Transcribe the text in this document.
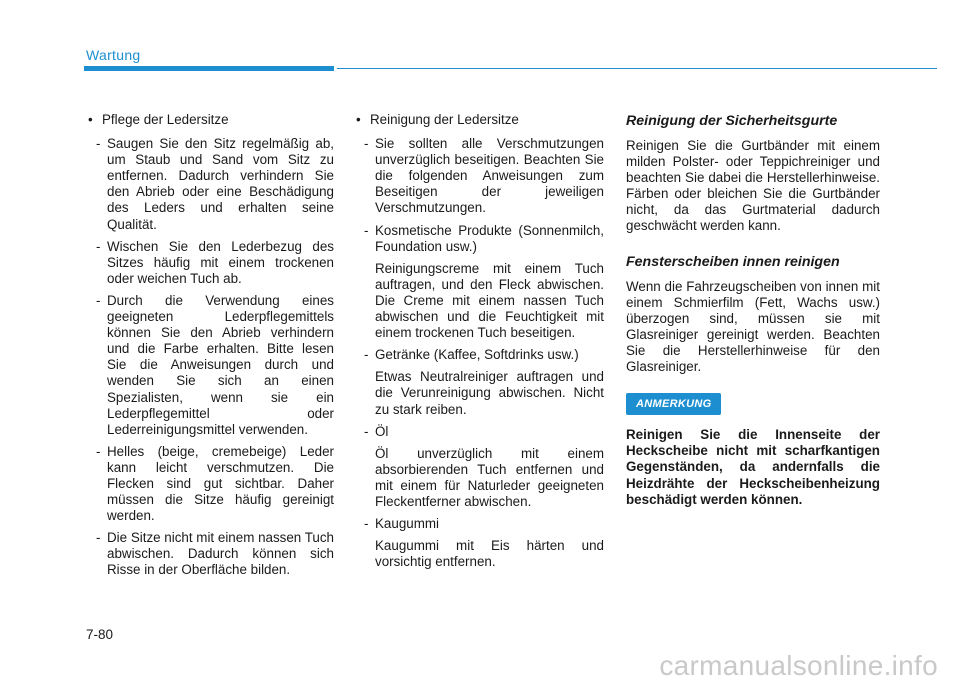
Wartung
• Pflege der Ledersitze
- Saugen Sie den Sitz regelmäßig ab, um Staub und Sand vom Sitz zu entfernen. Dadurch verhindern Sie den Abrieb oder eine Beschädigung des Leders und erhalten seine Qualität.
- Wischen Sie den Lederbezug des Sitzes häufig mit einem trockenen oder weichen Tuch ab.
- Durch die Verwendung eines geeigneten Lederpflegemittels können Sie den Abrieb verhindern und die Farbe erhalten. Bitte lesen Sie die Anweisungen durch und wenden Sie sich an einen Spezialisten, wenn sie ein Lederpflegemittel oder Lederreinigungsmittel verwenden.
- Helles (beige, cremebeige) Leder kann leicht verschmutzen. Die Flecken sind gut sichtbar. Daher müssen die Sitze häufig gereinigt werden.
- Die Sitze nicht mit einem nassen Tuch abwischen. Dadurch können sich Risse in der Oberfläche bilden.
• Reinigung der Ledersitze
- Sie sollten alle Verschmutzungen unverzüglich beseitigen. Beachten Sie die folgenden Anweisungen zum Beseitigen der jeweiligen Verschmutzungen.
- Kosmetische Produkte (Sonnenmilch, Foundation usw.)

Reinigungscreme mit einem Tuch auftragen, und den Fleck abwischen. Die Creme mit einem nassen Tuch abwischen und die Feuchtigkeit mit einem trockenen Tuch beseitigen.

- Getränke (Kaffee, Softdrinks usw.)

Etwas Neutralreiniger auftragen und die Verunreinigung abwischen. Nicht zu stark reiben.

- Öl

Öl unverzüglich mit einem absorbierenden Tuch entfernen und mit einem für Naturleder geeigneten Fleckentferner abwischen.

- Kaugummi

Kaugummi mit Eis härten und vorsichtig entfernen.

Reinigung der Sicherheitsgurte

Reinigen Sie die Gurtbänder mit einem milden Polster- oder Teppichreiniger und beachten Sie dabei die Herstellerhinweise. Färben oder bleichen Sie die Gurtbänder nicht, da das Gurtmaterial dadurch geschwächt werden kann.

Fensterscheiben innen reinigen

Wenn die Fahrzeugscheiben von innen mit einem Schmierfilm (Fett, Wachs usw.) überzogen sind, müssen sie mit Glasreiniger gereinigt werden. Beachten Sie die Herstellerhinweise für den Glasreiniger.

ANMERKUNG

Reinigen Sie die Innenseite der Heckscheibe nicht mit scharfkantigen Gegenständen, da andernfalls die Heizdrähte der Heckscheibenheizung beschädigt werden können.

7-80
carmanualsonline.info
